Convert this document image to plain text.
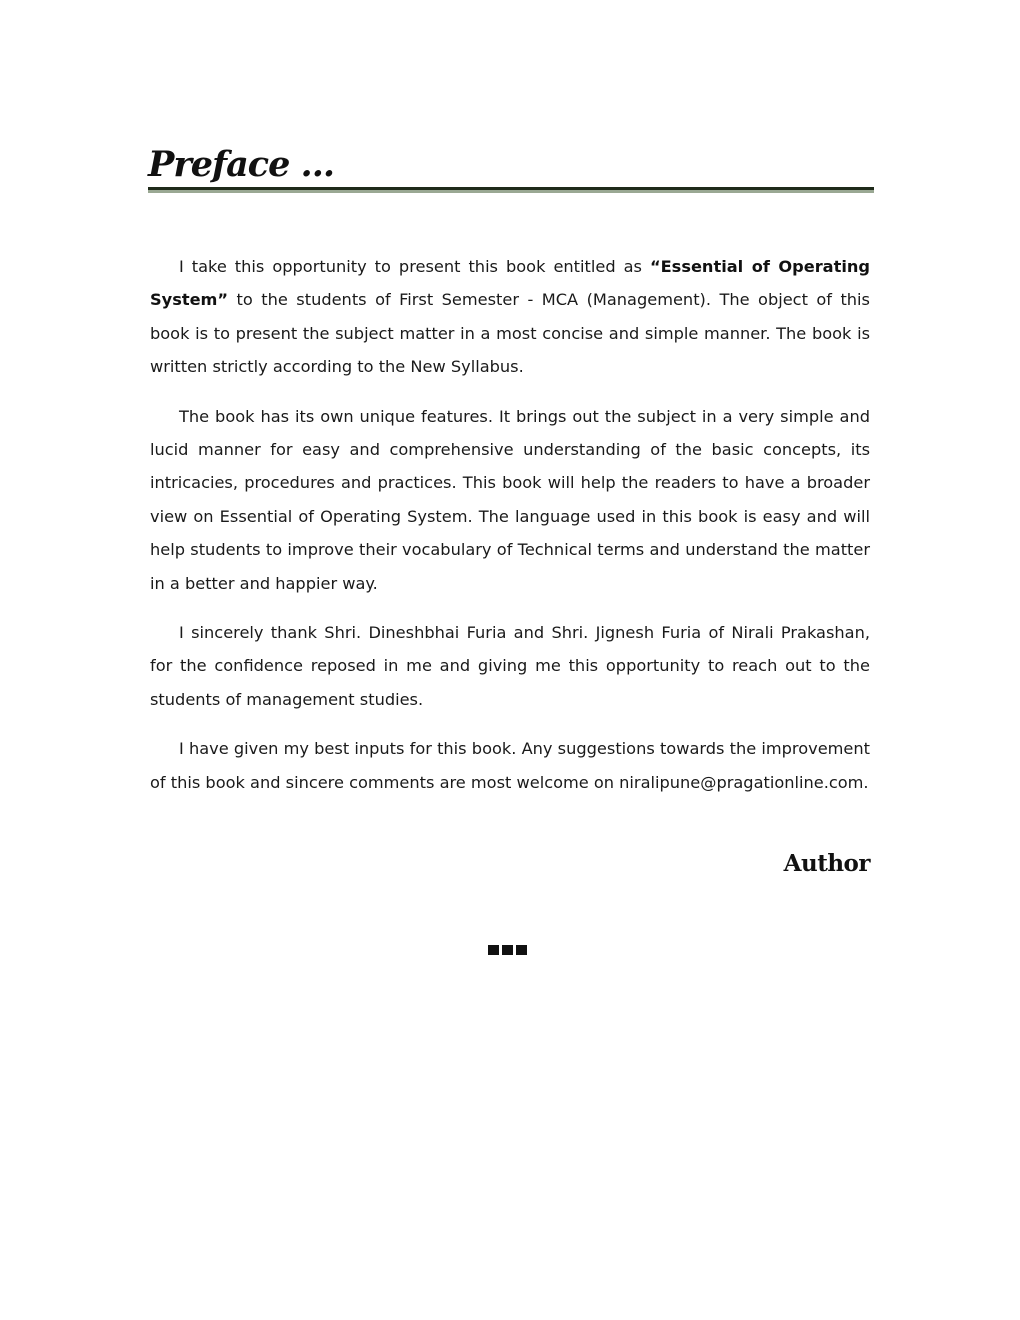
Preface ...

I take this opportunity to present this book entitled as “Essential of Operating System” to the students of First Semester - MCA (Management). The object of this book is to present the subject matter in a most concise and simple manner. The book is written strictly according to the New Syllabus.

The book has its own unique features. It brings out the subject in a very simple and lucid manner for easy and comprehensive understanding of the basic concepts, its intricacies, procedures and practices. This book will help the readers to have a broader view on Essential of Operating System. The language used in this book is easy and will help students to improve their vocabulary of Technical terms and understand the matter in a better and happier way.

I sincerely thank Shri. Dineshbhai Furia and Shri. Jignesh Furia of Nirali Prakashan, for the confidence reposed in me and giving me this opportunity to reach out to the students of management studies.

I have given my best inputs for this book. Any suggestions towards the improvement of this book and sincere comments are most welcome on niralipune@pragationline.com.

Author
